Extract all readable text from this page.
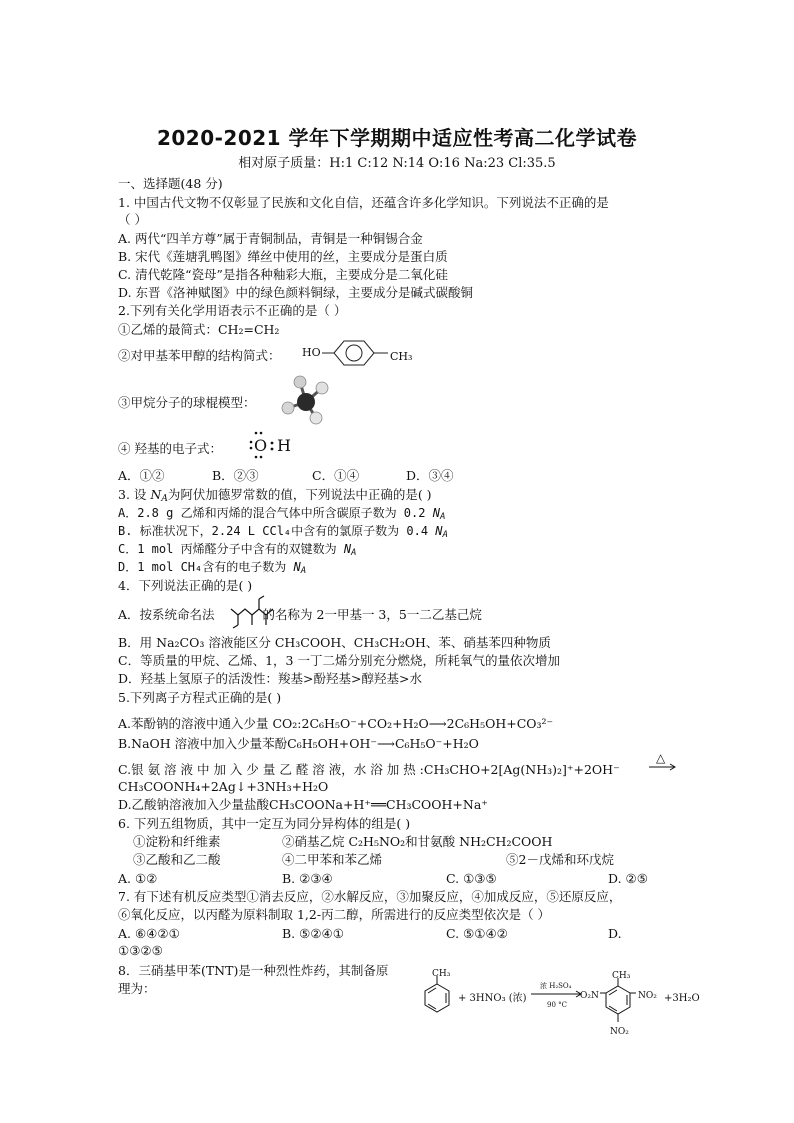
2020-2021 学年下学期期中适应性考高二化学试卷
相对原子质量：H:1 C:12 N:14 O:16 Na:23 Cl:35.5
一、选择题(48 分)
1. 中国古代文物不仅彰显了民族和文化自信，还蕴含许多化学知识。下列说法不正确的是
（ ）
A. 两代“四羊方尊”属于青铜制品，青铜是一种铜锡合金
B. 宋代《莲塘乳鸭图》缂丝中使用的丝，主要成分是蛋白质
C. 清代乾隆“瓷母”是指各种釉彩大瓶，主要成分是二氧化硅
D. 东晋《洛神赋图》中的绿色颜料铜绿，主要成分是碱式碳酸铜
2.下列有关化学用语表示不正确的是（ ）
①乙烯的最简式：CH₂=CH₂
②对甲基苯甲醇的结构简式： HO	CH₃
③甲烷分子的球棍模型：
④ 羟基的电子式： O H
A．①②	B．②③	C．①④	D．③④
3. 设 $N_A$为阿伏加德罗常数的值，下列说法中正确的是( )
A．2.8 g 乙烯和丙烯的混合气体中所含碳原子数为 0.2 $N_A$
B. 标准状况下，2.24 L CCl₄中含有的氯原子数为 0.4 $N_A$
C．1 mol 丙烯醛分子中含有的双键数为 $N_A$
D．1 mol CH₄含有的电子数为 $N_A$
4．下列说法正确的是( )
A．按系统命名法	的名称为 2一甲基一 3，5一二乙基己烷
B．用 Na₂CO₃ 溶液能区分 CH₃COOH、CH₃CH₂OH、苯、硝基苯四种物质
C．等质量的甲烷、乙烯、1，3 一丁二烯分别充分燃烧，所耗氧气的量依次增加
D．羟基上氢原子的活泼性：羧基>酚羟基>醇羟基>水
5.下列离子方程式正确的是( )
A.苯酚钠的溶液中通入少量 CO₂:2C₆H₅O⁻+CO₂+H₂O⟶2C₆H₅OH+CO₃²⁻
B.NaOH 溶液中加入少量苯酚C₆H₅OH+OH⁻⟶C₆H₅O⁻+H₂O
△
C.银 氨 溶 液 中 加 入 少 量 乙 醛 溶 液，水 浴 加 热 :CH₃CHO+2[Ag(NH₃)₂]⁺+2OH⁻
CH₃COONH₄+2Ag↓+3NH₃+H₂O
D.乙酸钠溶液加入少量盐酸CH₃COONa+H⁺══CH₃COOH+Na⁺
6. 下列五组物质，其中一定互为同分异构体的组是( )
①淀粉和纤维素	②硝基乙烷 C₂H₅NO₂和甘氨酸 NH₂CH₂COOH
③乙酸和乙二酸	④二甲苯和苯乙烯	⑤2－戊烯和环戊烷
A. ①②	B. ②③④	C. ①③⑤	D. ②⑤
7. 有下述有机反应类型①消去反应，②水解反应，③加聚反应，④加成反应，⑤还原反应，
⑥氧化反应，以丙醛为原料制取 1,2-丙二醇，所需进行的反应类型依次是（ ）
A. ⑥④②①	B. ⑤②④①	C. ⑤①④②	D.
①③②⑤
8．三硝基甲苯(TNT)是一种烈性炸药，其制备原
理为：
CH₃
+ 3HNO₃ (浓)
浓 H₂SO₄
90 °C
CH₃
O₂N	NO₂
NO₂
+3H₂O
